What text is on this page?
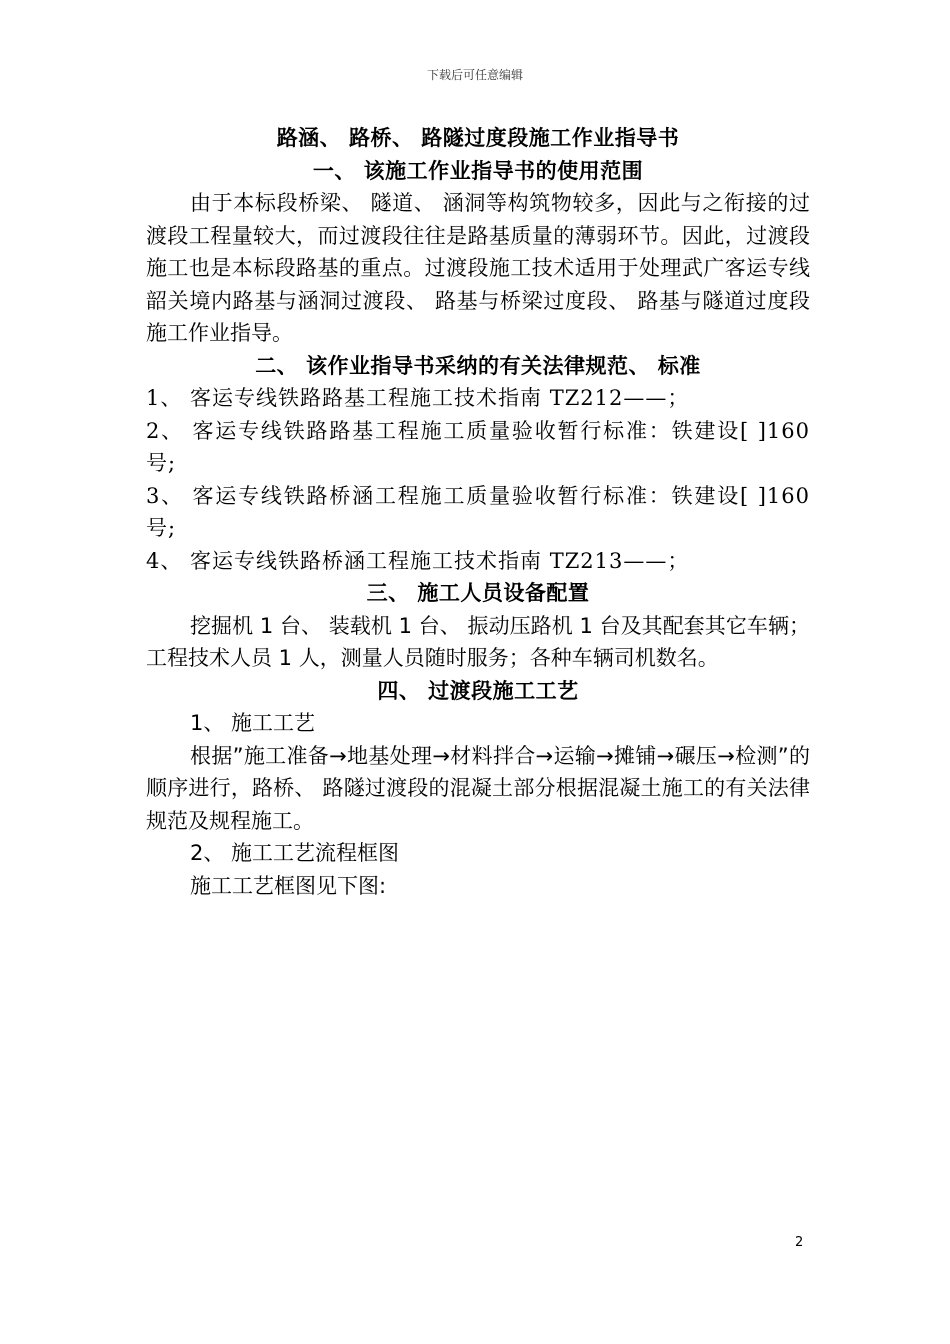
下载后可任意编辑

路涵、 路桥、 路隧过度段施工作业指导书

一、 该施工作业指导书的使用范围

由于本标段桥梁、 隧道、 涵洞等构筑物较多，因此与之衔接的过渡段工程量较大，而过渡段往往是路基质量的薄弱环节。因此，过渡段施工也是本标段路基的重点。过渡段施工技术适用于处理武广客运专线韶关境内路基与涵洞过渡段、 路基与桥梁过度段、 路基与隧道过度段施工作业指导。

二、 该作业指导书采纳的有关法律规范、 标准

1、 客运专线铁路路基工程施工技术指南 TZ212——；

2、 客运专线铁路路基工程施工质量验收暂行标准：铁建设[ ]160 号;

3、 客运专线铁路桥涵工程施工质量验收暂行标准：铁建设[ ]160 号;

4、 客运专线铁路桥涵工程施工技术指南 TZ213——；

三、 施工人员设备配置

挖掘机 1 台、 装载机 1 台、 振动压路机 1 台及其配套其它车辆；工程技术人员 1 人，测量人员随时服务；各种车辆司机数名。

四、 过渡段施工工艺

1、 施工工艺

根据”施工准备→地基处理→材料拌合→运输→摊铺→碾压→检测”的顺序进行，路桥、 路隧过渡段的混凝土部分根据混凝土施工的有关法律规范及规程施工。

2、 施工工艺流程框图

施工工艺框图见下图:

2
